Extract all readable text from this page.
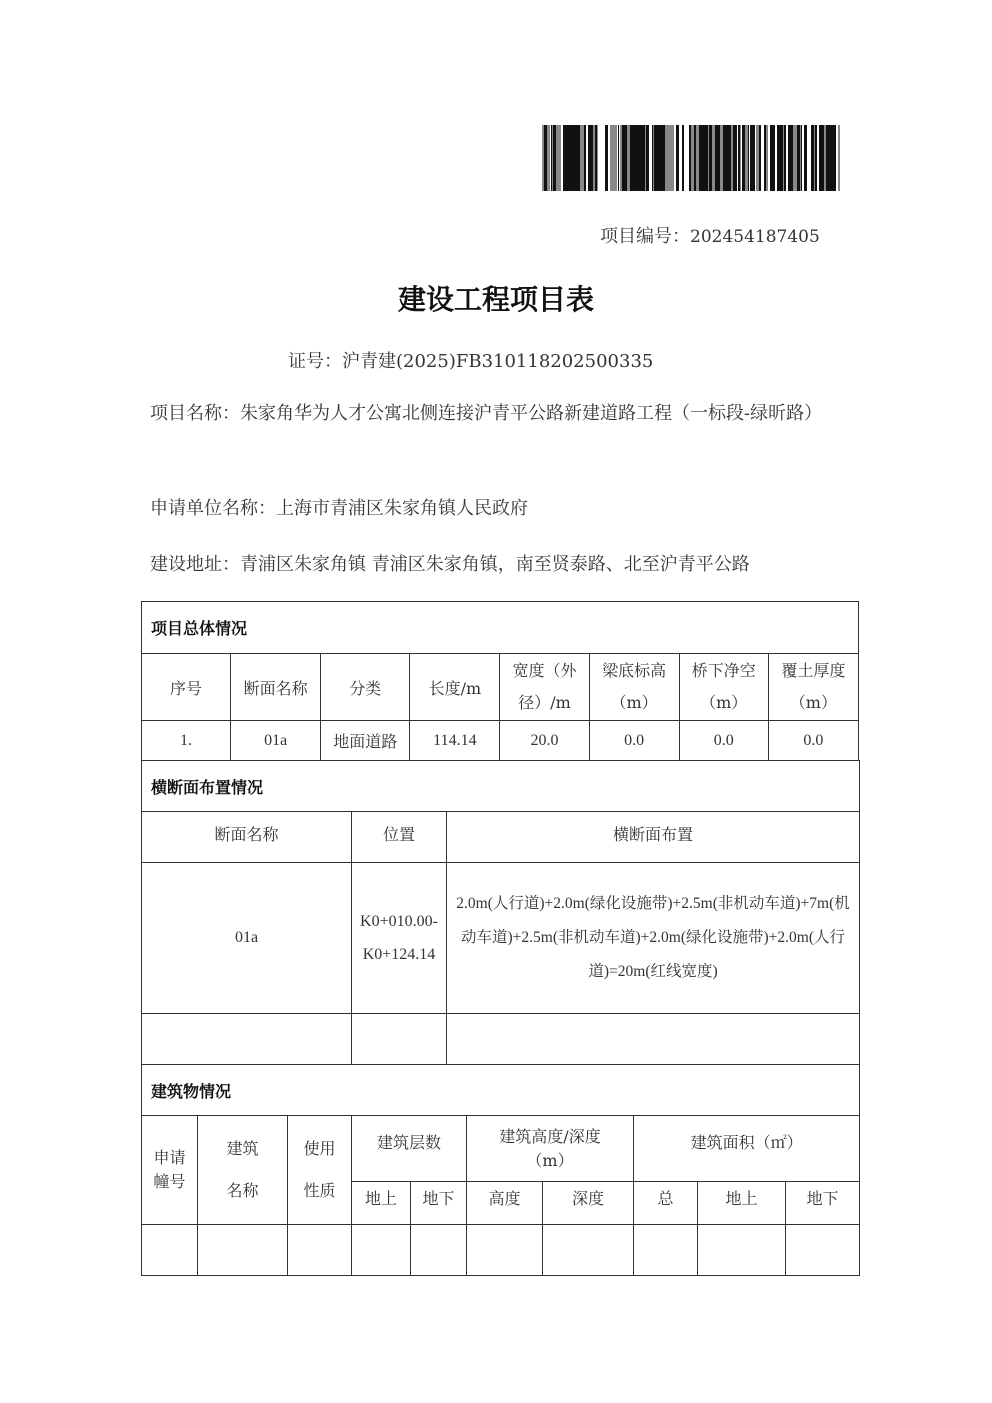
项目编号：202454187405
建设工程项目表
证号：沪青建(2025)FB310118202500335
项目名称：朱家角华为人才公寓北侧连接沪青平公路新建道路工程（一标段-绿昕路）
申请单位名称：上海市青浦区朱家角镇人民政府
建设地址：青浦区朱家角镇 青浦区朱家角镇，南至贤泰路、北至沪青平公路
项目总体情况							
序号	断面名称	分类	长度/m	宽度（外径）/m	梁底标高（m）	桥下净空（m）	覆土厚度（m）
1.	01a	地面道路	114.14	20.0	0.0	0.0	0.0
横断面布置情况		
断面名称	位置	横断面布置
01a	K0+010.00-K0+124.14	2.0m(人行道)+2.0m(绿化设施带)+2.5m(非机动车道)+7m(机动车道)+2.5m(非机动车道)+2.0m(绿化设施带)+2.0m(人行道)=20m(红线宽度)

建筑物情况									
申请幢号	建筑名称	使用性质	建筑层数		建筑高度/深度（m）		建筑面积（㎡）		
			地上	地下	高度	深度	总	地上	地下
